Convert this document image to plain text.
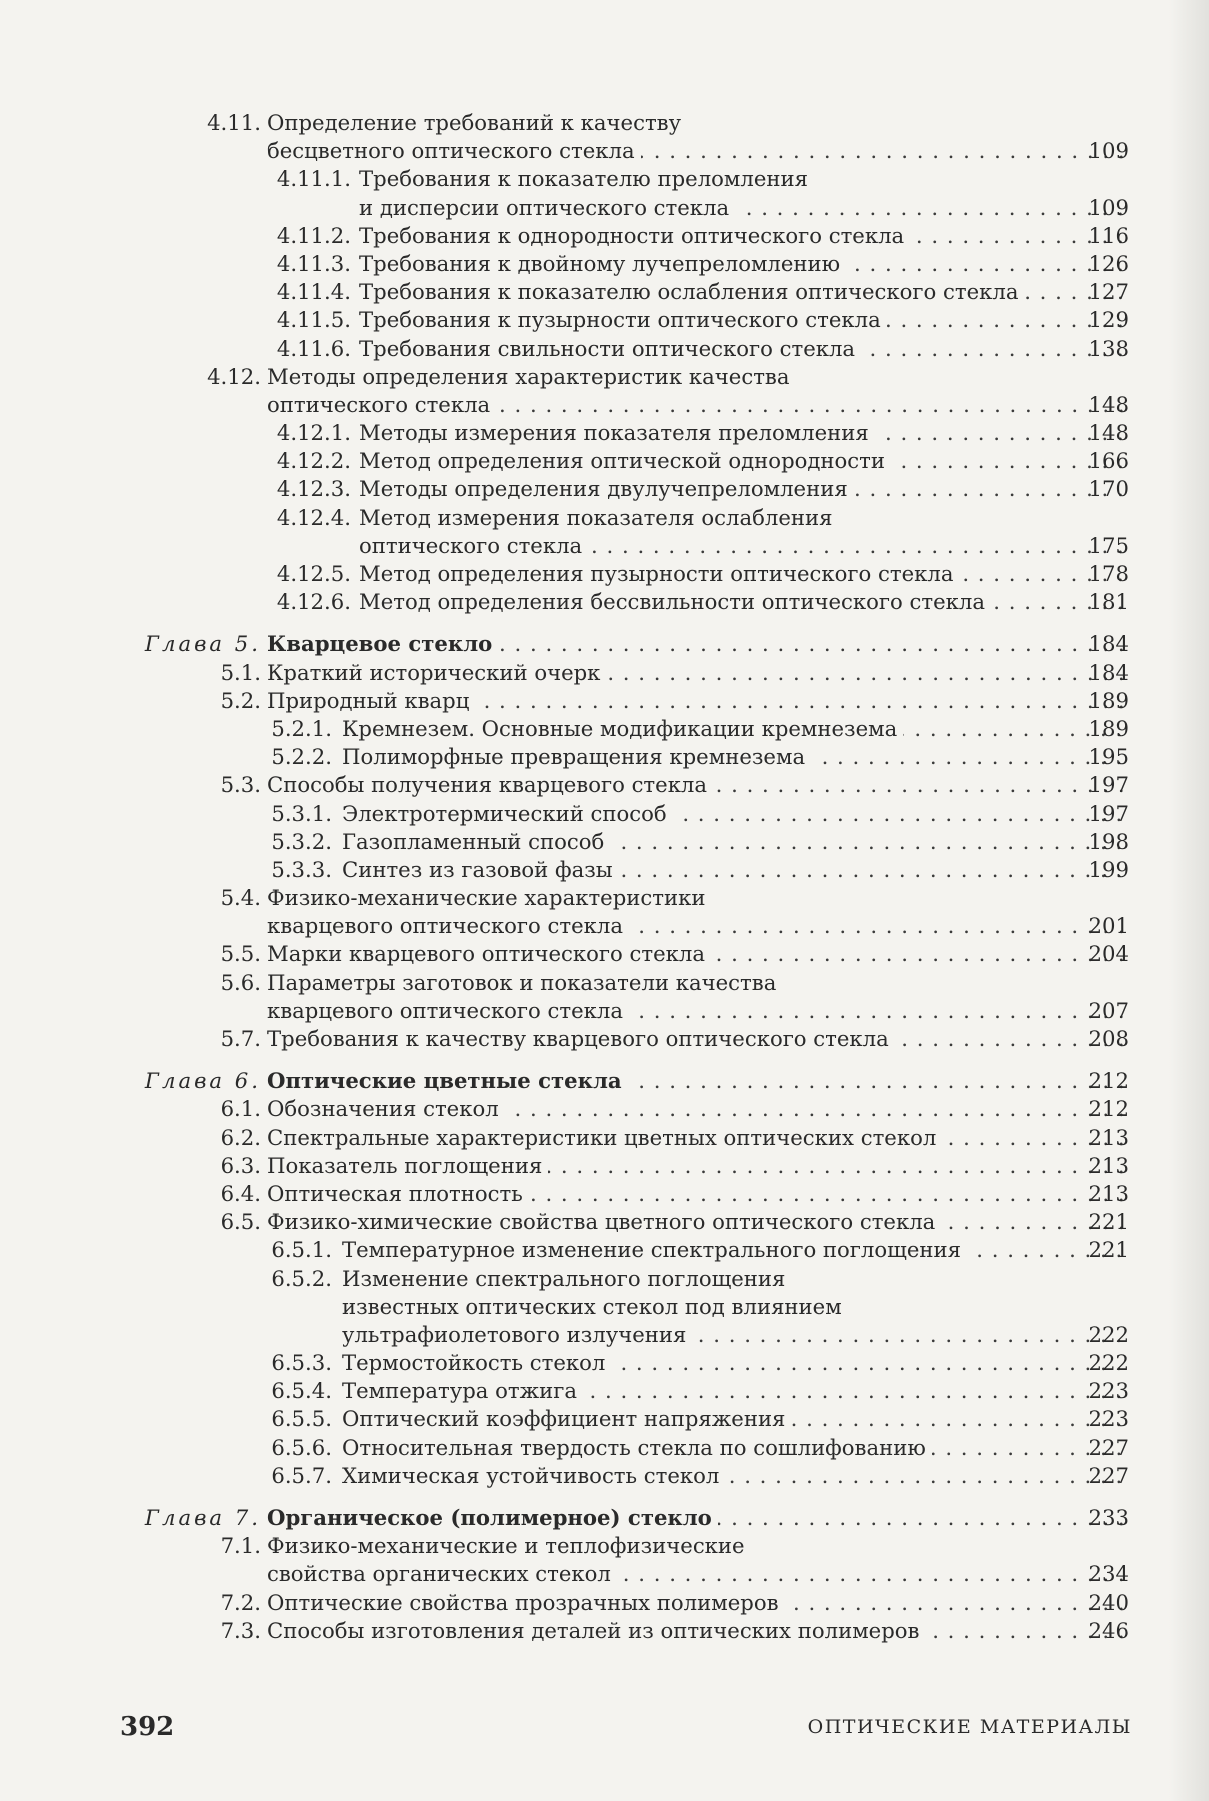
4.11. Определение требований к качеству
бесцветного оптического стекла . . .	109
4.11.1. Требования к показателю преломления
и дисперсии оптического стекла . . .	109
4.11.2. Требования к однородности оптического стекла . . .	116
4.11.3. Требования к двойному лучепреломлению . . .	126
4.11.4. Требования к показателю ослабления оптического стекла . . .	127
4.11.5. Требования к пузырности оптического стекла . . .	129
4.11.6. Требования свильности оптического стекла . . .	138
4.12. Методы определения характеристик качества
оптического стекла . . .	148
4.12.1. Методы измерения показателя преломления . . .	148
4.12.2. Метод определения оптической однородности . . .	166
4.12.3. Методы определения двулучепреломления . . .	170
4.12.4. Метод измерения показателя ослабления
оптического стекла . . .	175
4.12.5. Метод определения пузырности оптического стекла . . .	178
4.12.6. Метод определения бессвильности оптического стекла . . .	181
Глава 5. Кварцевое стекло . . .	184
5.1. Краткий исторический очерк . . .	184
5.2. Природный кварц . . .	189
5.2.1. Кремнезем. Основные модификации кремнезема . . .	189
5.2.2. Полиморфные превращения кремнезема . . .	195
5.3. Способы получения кварцевого стекла . . .	197
5.3.1. Электротермический способ . . .	197
5.3.2. Газопламенный способ . . .	198
5.3.3. Синтез из газовой фазы . . .	199
5.4. Физико-механические характеристики
кварцевого оптического стекла . . .	201
5.5. Марки кварцевого оптического стекла . . .	204
5.6. Параметры заготовок и показатели качества
кварцевого оптического стекла . . .	207
5.7. Требования к качеству кварцевого оптического стекла . . .	208
Глава 6. Оптические цветные стекла . . .	212
6.1. Обозначения стекол . . .	212
6.2. Спектральные характеристики цветных оптических стекол . . .	213
6.3. Показатель поглощения . . .	213
6.4. Оптическая плотность . . .	213
6.5. Физико-химические свойства цветного оптического стекла . . .	221
6.5.1. Температурное изменение спектрального поглощения . . .	221
6.5.2. Изменение спектрального поглощения
известных оптических стекол под влиянием
ультрафиолетового излучения . . .	222
6.5.3. Термостойкость стекол . . .	222
6.5.4. Температура отжига . . .	223
6.5.5. Оптический коэффициент напряжения . . .	223
6.5.6. Относительная твердость стекла по сошлифованию . . .	227
6.5.7. Химическая устойчивость стекол . . .	227
Глава 7. Органическое (полимерное) стекло . . .	233
7.1. Физико-механические и теплофизические
свойства органических стекол . . .	234
7.2. Оптические свойства прозрачных полимеров . . .	240
7.3. Способы изготовления деталей из оптических полимеров . . .	246
392	ОПТИЧЕСКИЕ МАТЕРИАЛЫ
